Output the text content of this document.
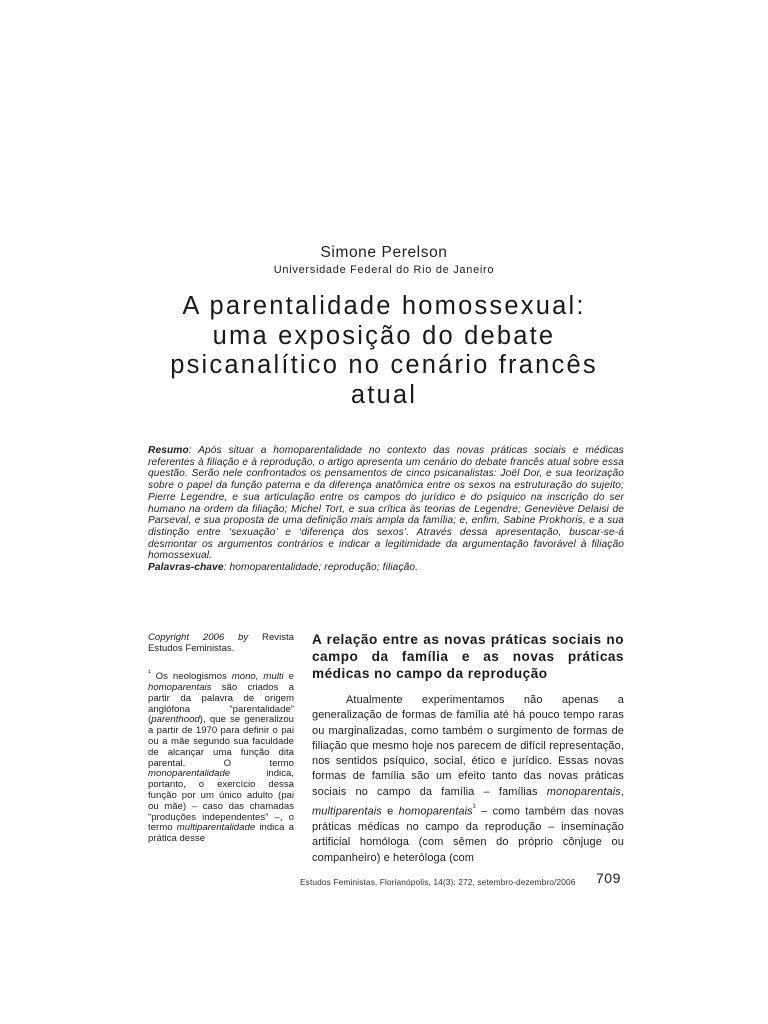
Simone Perelson
Universidade Federal do Rio de Janeiro
A parentalidade homossexual:
uma exposição do debate
psicanalítico no cenário francês
atual

Resumo: Após situar a homoparentalidade no contexto das novas práticas sociais e médicas referentes à filiação e à reprodução, o artigo apresenta um cenário do debate francês atual sobre essa questão. Serão nele confrontados os pensamentos de cinco psicanalistas: Joël Dor, e sua teorização sobre o papel da função paterna e da diferença anatômica entre os sexos na estruturação do sujeito; Pierre Legendre, e sua articulação entre os campos do jurídico e do psíquico na inscrição do ser humano na ordem da filiação; Michel Tort, e sua crítica às teorias de Legendre; Geneviève Delaisi de Parseval, e sua proposta de uma definição mais ampla da família; e, enfim, Sabine Prokhoris, e a sua distinção entre ‘sexuação’ e ‘diferença dos sexos’. Através dessa apresentação, buscar-se-á desmontar os argumentos contrários e indicar a legitimidade da argumentação favorável à filiação homossexual.

Palavras-chave: homoparentalidade; reprodução; filiação.

Copyright 2006 by Revista Estudos Feministas.
$^{^1}$ Os neologismos mono, multi e homoparentais são criados a partir da palavra de origem anglófona “parentalidade” (parenthood), que se generalizou a partir de 1970 para definir o pai ou a mãe segundo sua faculdade de alcançar uma função dita parental. O termo monoparentalidade indica, portanto, o exercício dessa função por um único adulto (pai ou mãe) – caso das chamadas “produções independentes” –, o termo multiparentalidade indica a prática desse
A relação entre as novas práticas sociais no campo da família e as novas práticas médicas no campo da reprodução

Atualmente experimentamos não apenas a generalização de formas de família até há pouco tempo raras ou marginalizadas, como também o surgimento de formas de filiação que mesmo hoje nos parecem de difícil representação, nos sentidos psíquico, social, ético e jurídico. Essas novas formas de família são um efeito tanto das novas práticas sociais no campo da família – famílias monoparentais, multiparentais e homoparentais$^{^1}$ – como também das novas práticas médicas no campo da reprodução – inseminação artificial homóloga (com sêmen do próprio cônjuge ou companheiro) e heteróloga (com

Estudos Feministas, Florianópolis, 14(3): 272, setembro-dezembro/2006 709
